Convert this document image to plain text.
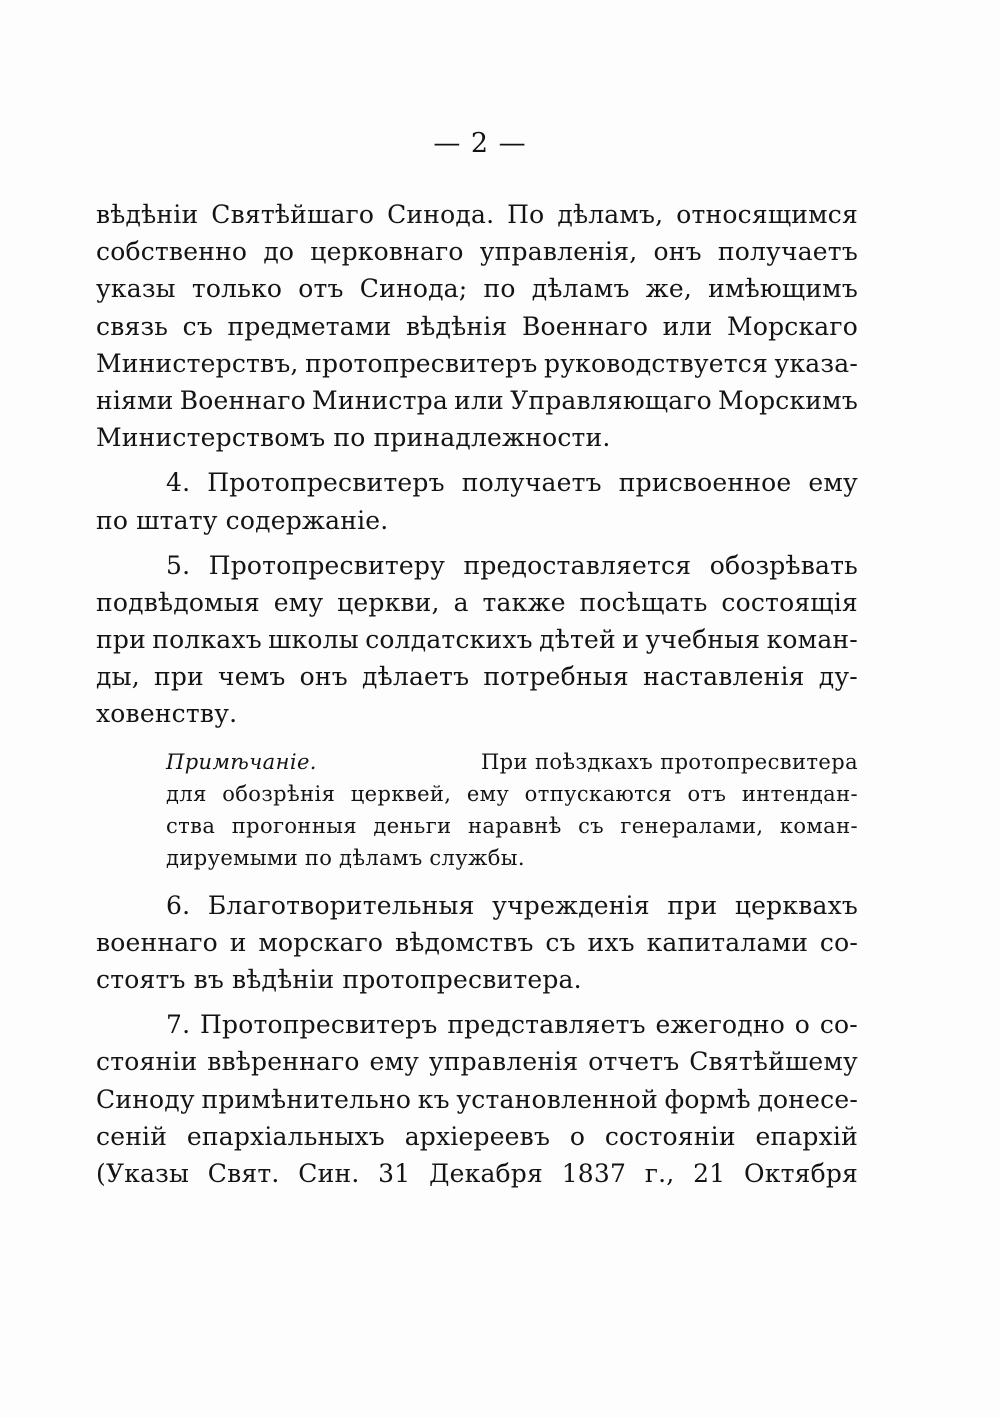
— 2 —
вѣдѣніи Святѣйшаго Синода. По дѣламъ, относящимся
собственно до церковнаго управленія, онъ получаетъ
указы только отъ Синода; по дѣламъ же, имѣющимъ
связь съ предметами вѣдѣнія Военнаго или Морскаго
Министерствъ, протопресвитеръ руководствуется указа-
ніями Военнаго Министра или Управляющаго Морскимъ
Министерствомъ по принадлежности.
4. Протопресвитеръ получаетъ присвоенное ему
по штату содержаніе.
5. Протопресвитеру предоставляется обозрѣвать
подвѣдомыя ему церкви, а также посѣщать состоящія
при полкахъ школы солдатскихъ дѣтей и учебныя коман-
ды, при чемъ онъ дѣлаетъ потребныя наставленія ду-
ховенству.
Примѣчаніе.	При поѣздкахъ протопресвитера
для обозрѣнія церквей, ему отпускаются отъ интендан-
ства прогонныя деньги наравнѣ съ генералами, коман-
дируемыми по дѣламъ службы.
6. Благотворительныя учрежденія при церквахъ
военнаго и морскаго вѣдомствъ съ ихъ капиталами со-
стоятъ въ вѣдѣніи протопресвитера.
7. Протопресвитеръ представляетъ ежегодно о со-
стояніи ввѣреннаго ему управленія отчетъ Святѣйшему
Синоду примѣнительно къ установленной формѣ донесе-
сеній епархіальныхъ архіереевъ о состояніи епархій
(Указы Свят. Син. 31 Декабря 1837 г., 21 Октября
